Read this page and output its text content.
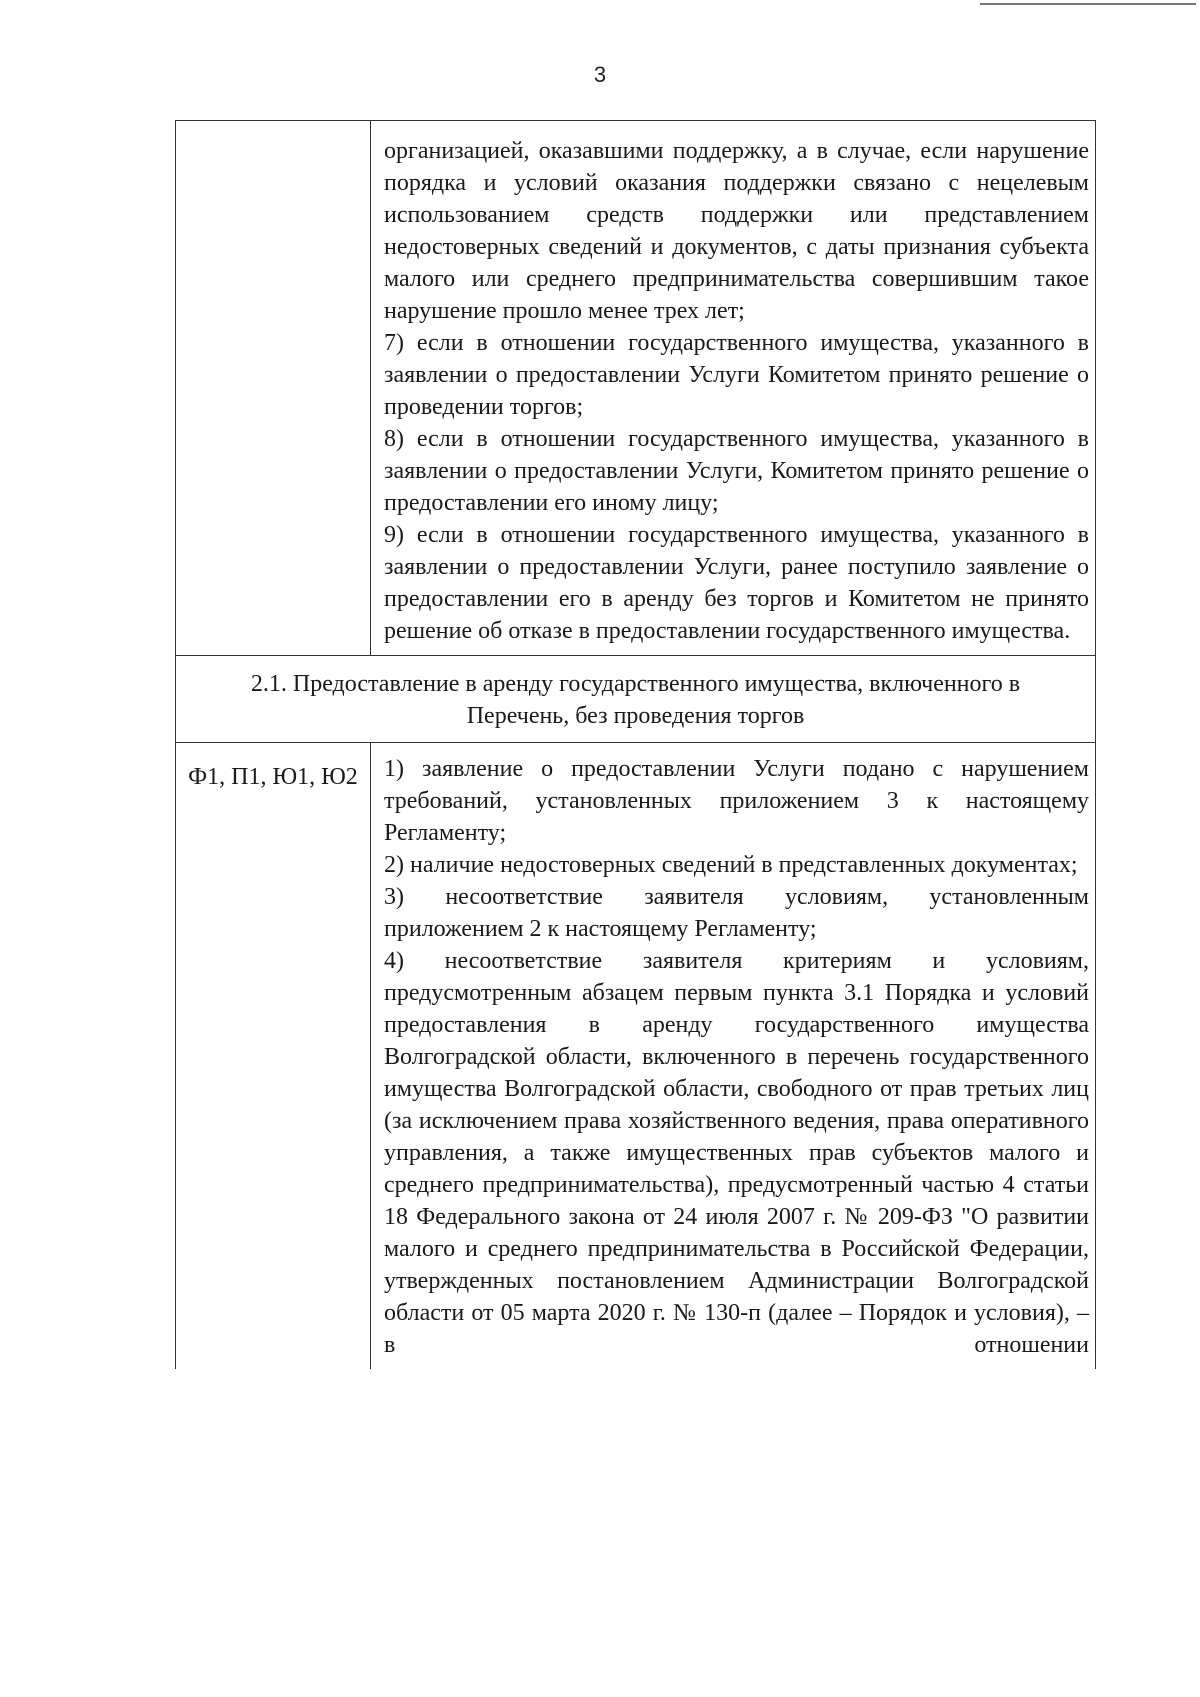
3

	организацией, оказавшими поддержку, а в случае, если нарушение порядка и условий оказания поддержки связано с нецелевым использованием средств поддержки или представлением недостоверных сведений и документов, с даты признания субъекта малого или среднего предпринимательства совершившим такое нарушение прошло менее трех лет;

7) если в отношении государственного имущества, указанного в заявлении о предоставлении Услуги Комитетом принято решение о проведении торгов;

8) если в отношении государственного имущества, указанного в заявлении о предоставлении Услуги, Комитетом принято решение о предоставлении его иному лицу;

9) если в отношении государственного имущества, указанного в заявлении о предоставлении Услуги, ранее поступило заявление о предоставлении его в аренду без торгов и Комитетом не принято решение об отказе в предоставлении государственного имущества.

2.1. Предоставление в аренду государственного имущества, включенного в Перечень, без проведения торгов	
Ф1, П1, Ю1, Ю2	1) заявление о предоставлении Услуги подано с нарушением требований, установленных приложением 3 к настоящему Регламенту;

2) наличие недостоверных сведений в представленных документах;

3) несоответствие заявителя условиям, установленным приложением 2 к настоящему Регламенту;

4) несоответствие заявителя критериям и условиям, предусмотренным абзацем первым пункта 3.1 Порядка и условий предоставления в аренду государственного имущества Волгоградской области, включенного в перечень государственного имущества Волгоградской области, свободного от прав третьих лиц (за исключением права хозяйственного ведения, права оперативного управления, а также имущественных прав субъектов малого и среднего предпринимательства), предусмотренный частью 4 статьи 18 Федерального закона от 24 июля 2007 г. № 209-ФЗ "О развитии малого и среднего предпринимательства в Российской Федерации, утвержденных постановлением Администрации Волгоградской области от 05 марта 2020 г. № 130-п (далее – Порядок и условия), – в отношении
